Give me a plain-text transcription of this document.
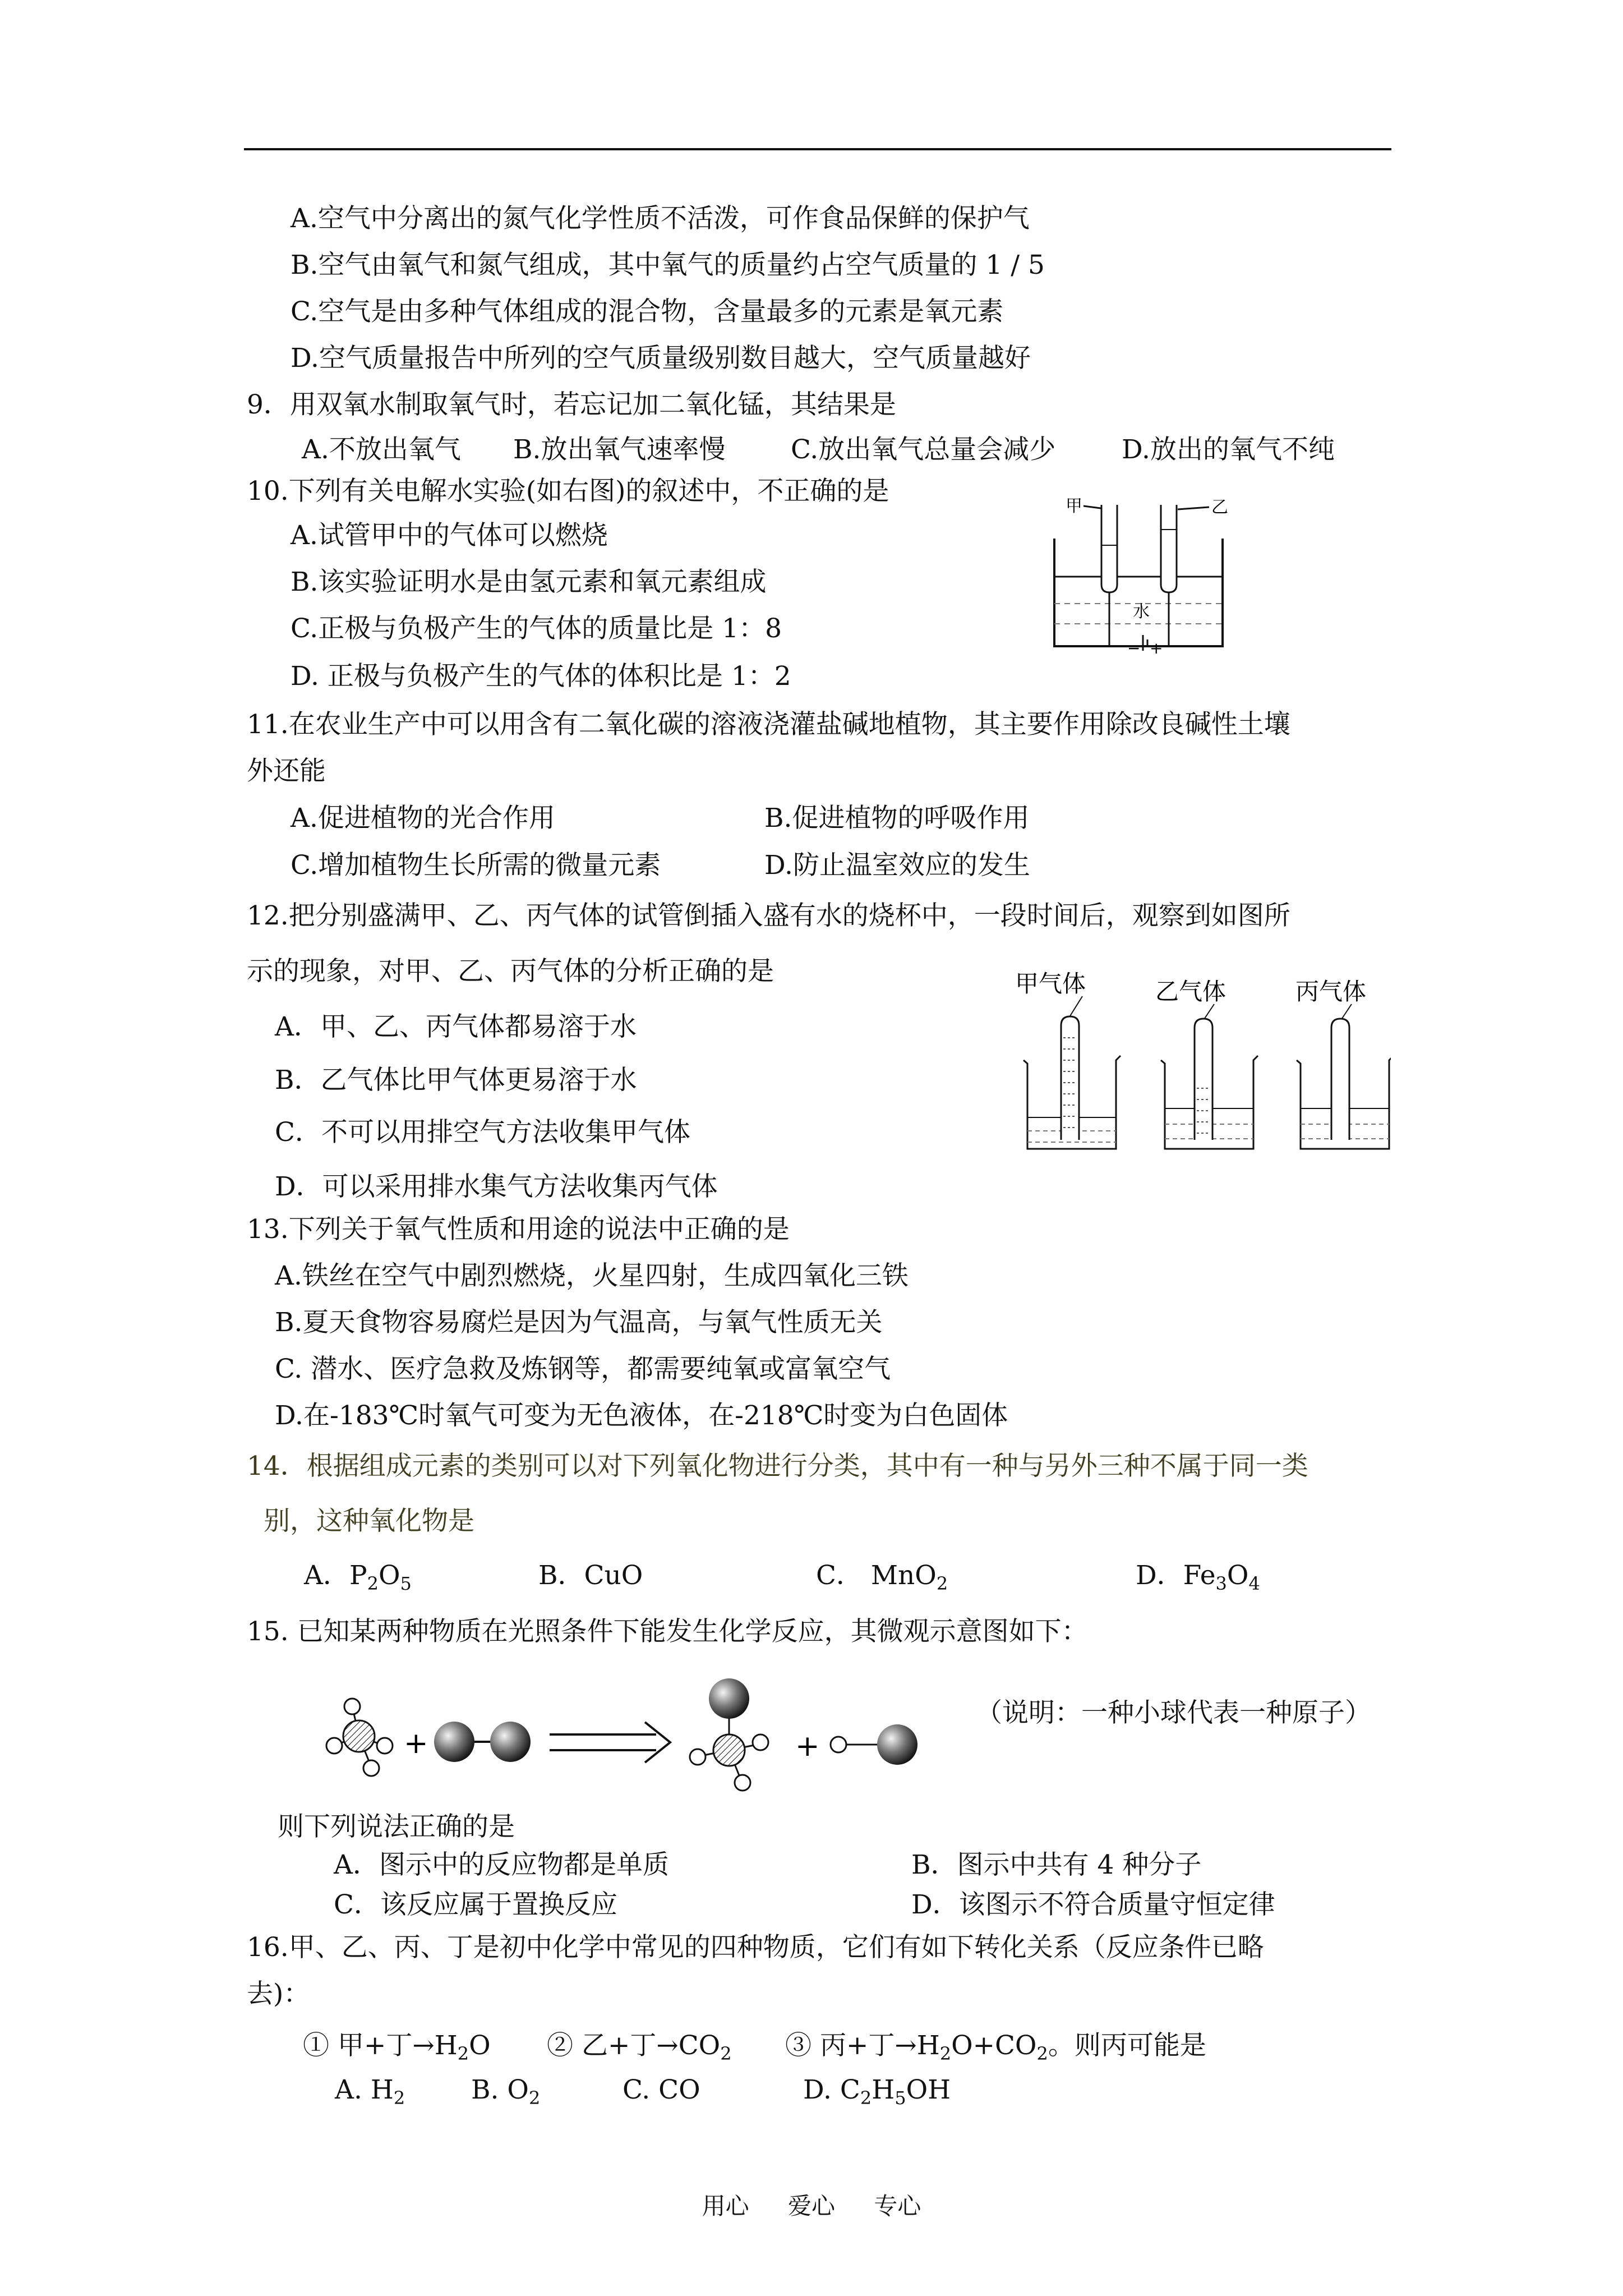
A.空气中分离出的氮气化学性质不活泼，可作食品保鲜的保护气
B.空气由氧气和氮气组成，其中氧气的质量约占空气质量的 1 / 5
C.空气是由多种气体组成的混合物，含量最多的元素是氧元素
D.空气质量报告中所列的空气质量级别数目越大，空气质量越好
9．用双氧水制取氧气时，若忘记加二氧化锰，其结果是
A.不放出氧气 B.放出氧气速率慢 C.放出氧气总量会减少	D.放出的氧气不纯
10.下列有关电解水实验(如右图)的叙述中，不正确的是
A.试管甲中的气体可以燃烧
B.该实验证明水是由氢元素和氧元素组成
C.正极与负极产生的气体的质量比是 1：8
D. 正极与负极产生的气体的体积比是 1：2
甲	乙
水
− +
11.在农业生产中可以用含有二氧化碳的溶液浇灌盐碱地植物，其主要作用除改良碱性土壤
外还能
A.促进植物的光合作用	B.促进植物的呼吸作用
C.增加植物生长所需的微量元素	D.防止温室效应的发生
12.把分别盛满甲、乙、丙气体的试管倒插入盛有水的烧杯中，一段时间后，观察到如图所
示的现象，对甲、乙、丙气体的分析正确的是
A．甲、乙、丙气体都易溶于水
B．乙气体比甲气体更易溶于水
C．不可以用排空气方法收集甲气体
D．可以采用排水集气方法收集丙气体
甲气体	乙气体	丙气体
13.下列关于氧气性质和用途的说法中正确的是
A.铁丝在空气中剧烈燃烧，火星四射，生成四氧化三铁
B.夏天食物容易腐烂是因为气温高，与氧气性质无关
C. 潜水、医疗急救及炼钢等，都需要纯氧或富氧空气
D.在-183℃时氧气可变为无色液体，在-218℃时变为白色固体
14．根据组成元素的类别可以对下列氧化物进行分类，其中有一种与另外三种不属于同一类
别，这种氧化物是
A．$P_2O_5$	B．CuO	C． MnO$_2$	D．$Fe_3O_4$
15. 已知某两种物质在光照条件下能发生化学反应，其微观示意图如下：
+	+
（说明：一种小球代表一种原子）
则下列说法正确的是
A．图示中的反应物都是单质	B．图示中共有 4 种分子
C．该反应属于置换反应	D．该图示不符合质量守恒定律
16.甲、乙、丙、丁是初中化学中常见的四种物质，它们有如下转化关系（反应条件已略
去)：
① 甲+丁$\to H_2O$ ② 乙+丁$\to CO_2$ ③ 丙+丁$\to H_2O+CO_2$。则丙可能是
A. $H_2$	B. $O_2$	C. CO	D. $C_2H_5OH$
用心 爱心 专心
